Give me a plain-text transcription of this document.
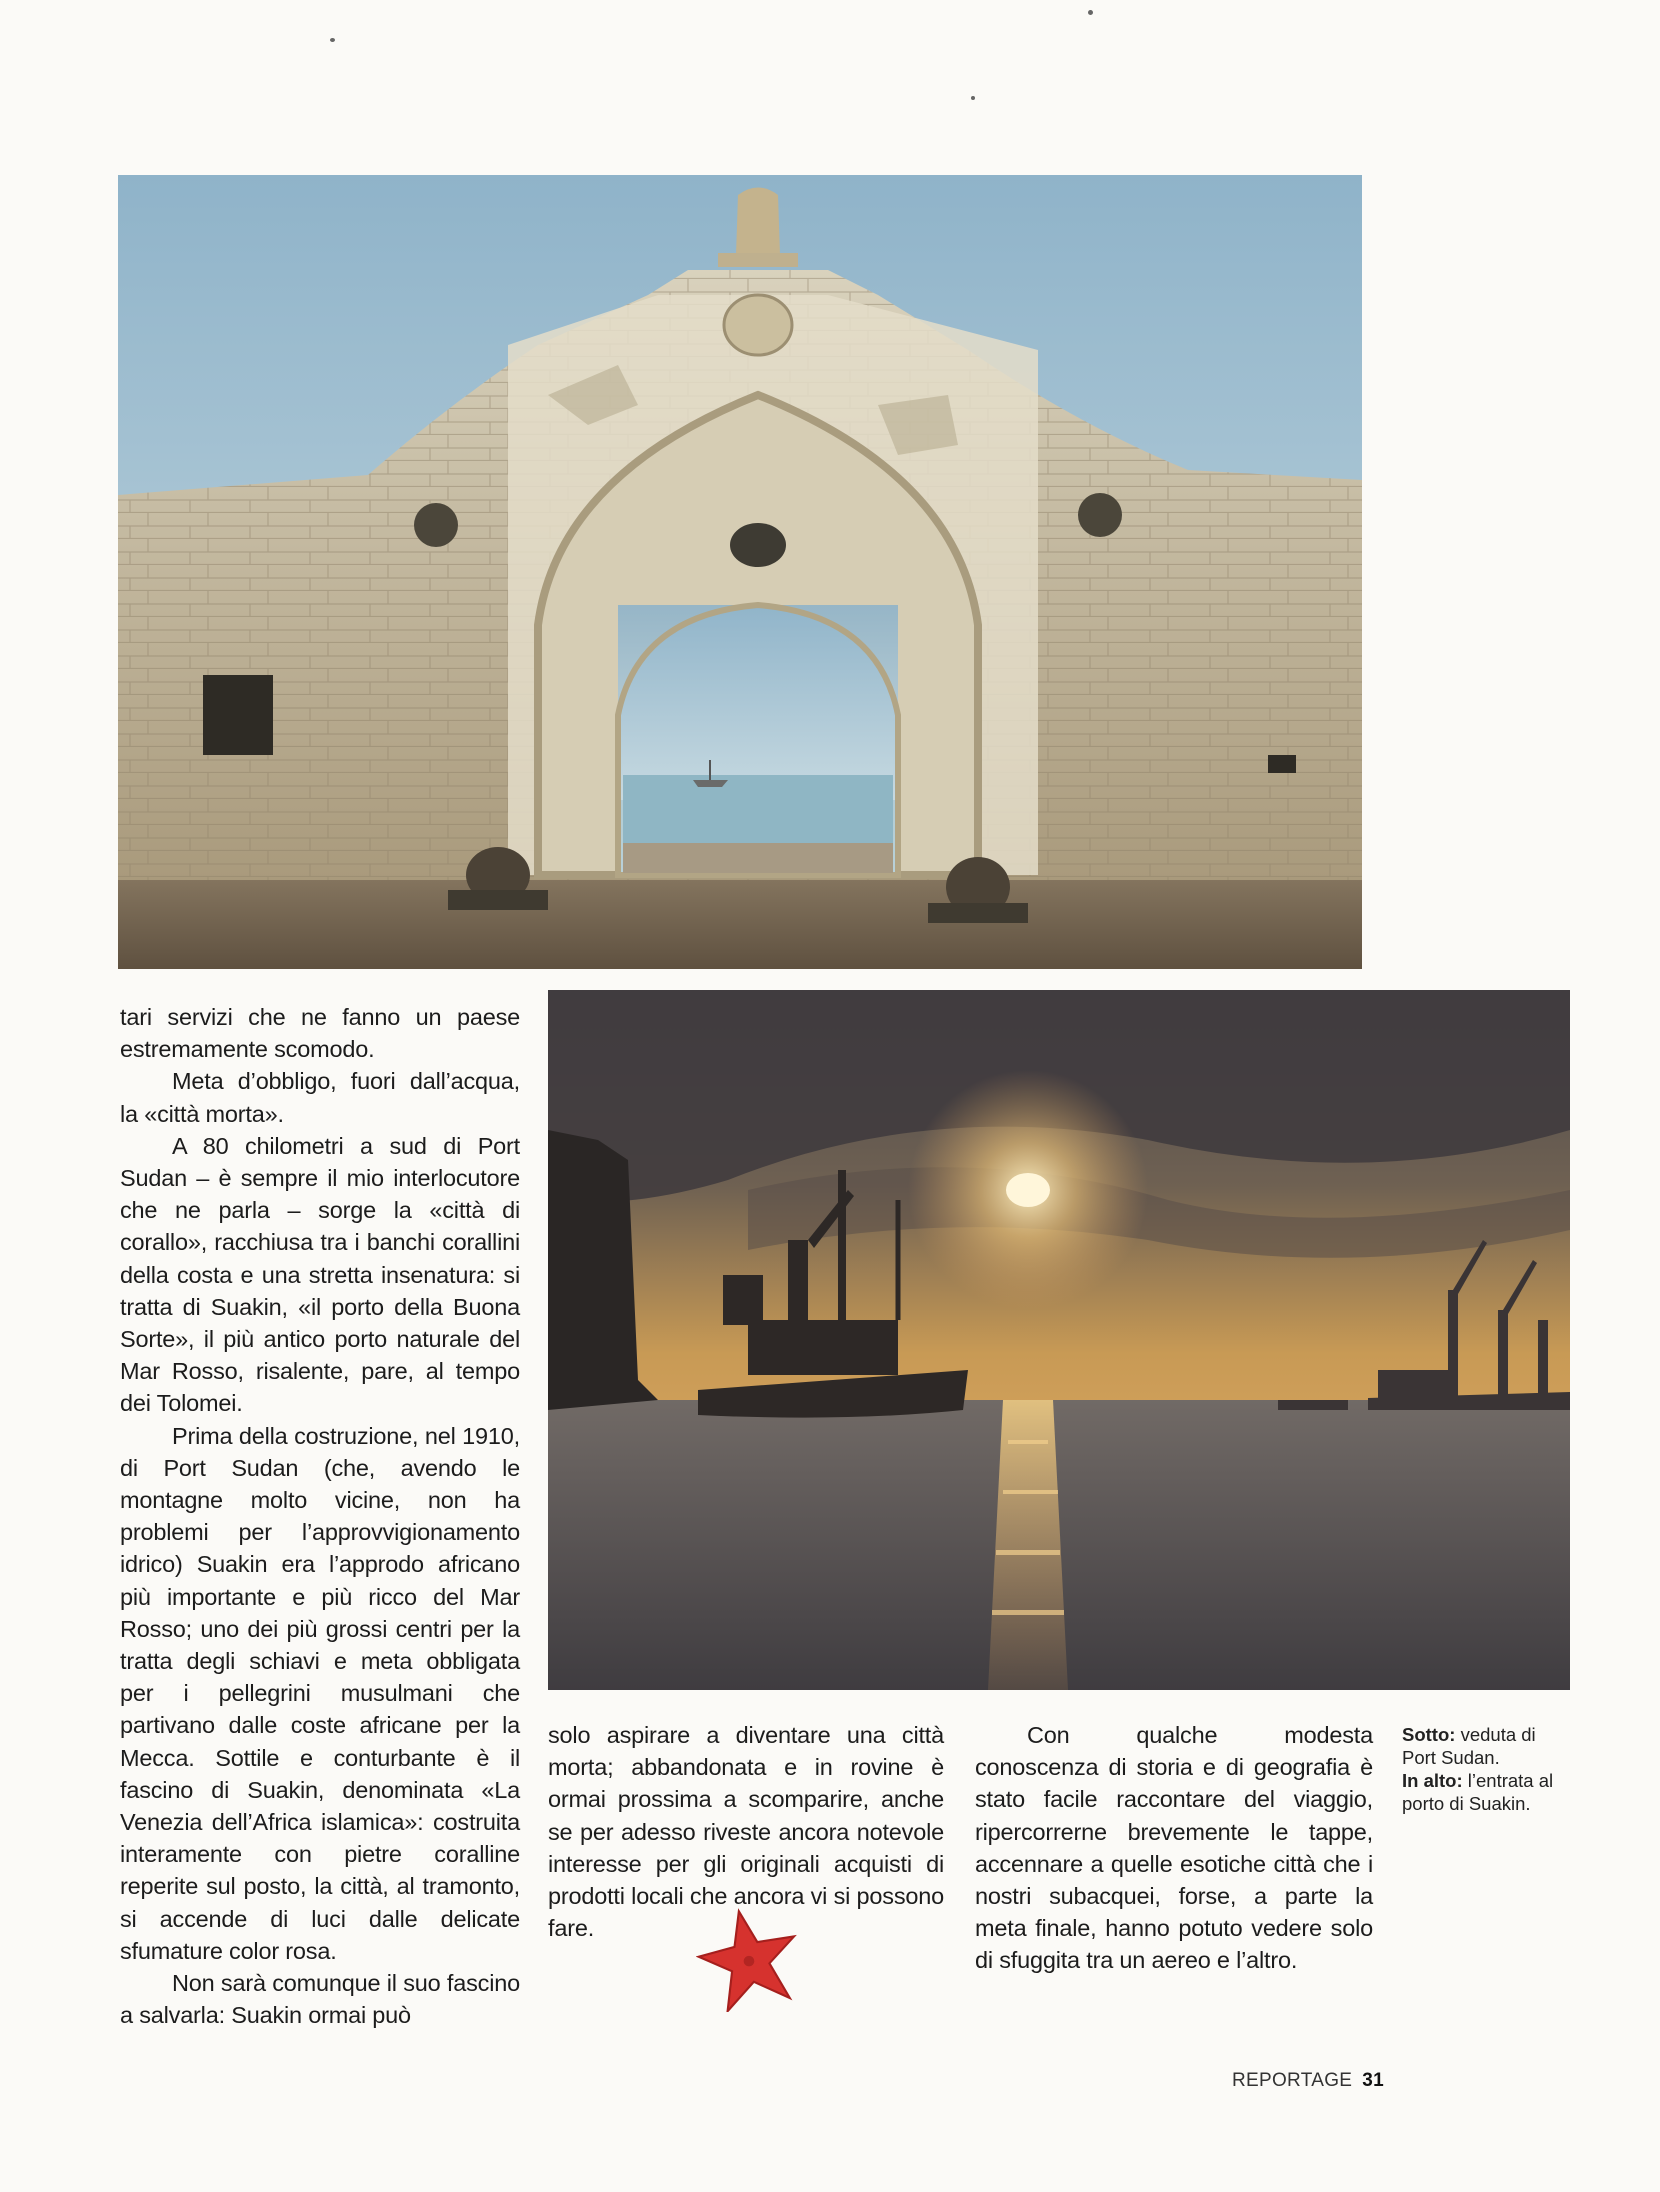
tari servizi che ne fanno un paese estremamente scomodo.

Meta d’obbligo, fuori dall’acqua, la «città morta».

A 80 chilometri a sud di Port Sudan – è sempre il mio interlocutore che ne parla – sorge la «città di corallo», racchiusa tra i banchi corallini della costa e una stretta insenatura: si tratta di Suakin, «il porto della Buona Sorte», il più antico porto naturale del Mar Rosso, risalente, pare, al tempo dei Tolomei.

Prima della costruzione, nel 1910, di Port Sudan (che, avendo le montagne molto vicine, non ha problemi per l’approvvigionamento idrico) Suakin era l’approdo africano più importante e più ricco del Mar Rosso; uno dei più grossi centri per la tratta degli schiavi e meta obbligata per i pellegrini musulmani che partivano dalle coste africane per la Mecca. Sottile e conturbante è il fascino di Suakin, denominata «La Venezia dell’Africa islamica»: costruita interamente con pietre coralline reperite sul posto, la città, al tramonto, si accende di luci dalle delicate sfumature color rosa.

Non sarà comunque il suo fascino a salvarla: Suakin ormai può

solo aspirare a diventare una città morta; abbandonata e in rovine è ormai prossima a scomparire, anche se per adesso riveste ancora notevole interesse per gli originali acquisti di prodotti locali che ancora vi si possono fare.

Con qualche modesta conoscenza di storia e di geografia è stato facile raccontare del viaggio, ripercorrerne brevemente le tappe, accennare a quelle esotiche città che i nostri subacquei, forse, a parte la meta finale, hanno potuto vedere solo di sfuggita tra un aereo e l’altro.

Sotto: veduta di Port Sudan.
In alto: l’entrata al porto di Suakin.
REPORTAGE 31
